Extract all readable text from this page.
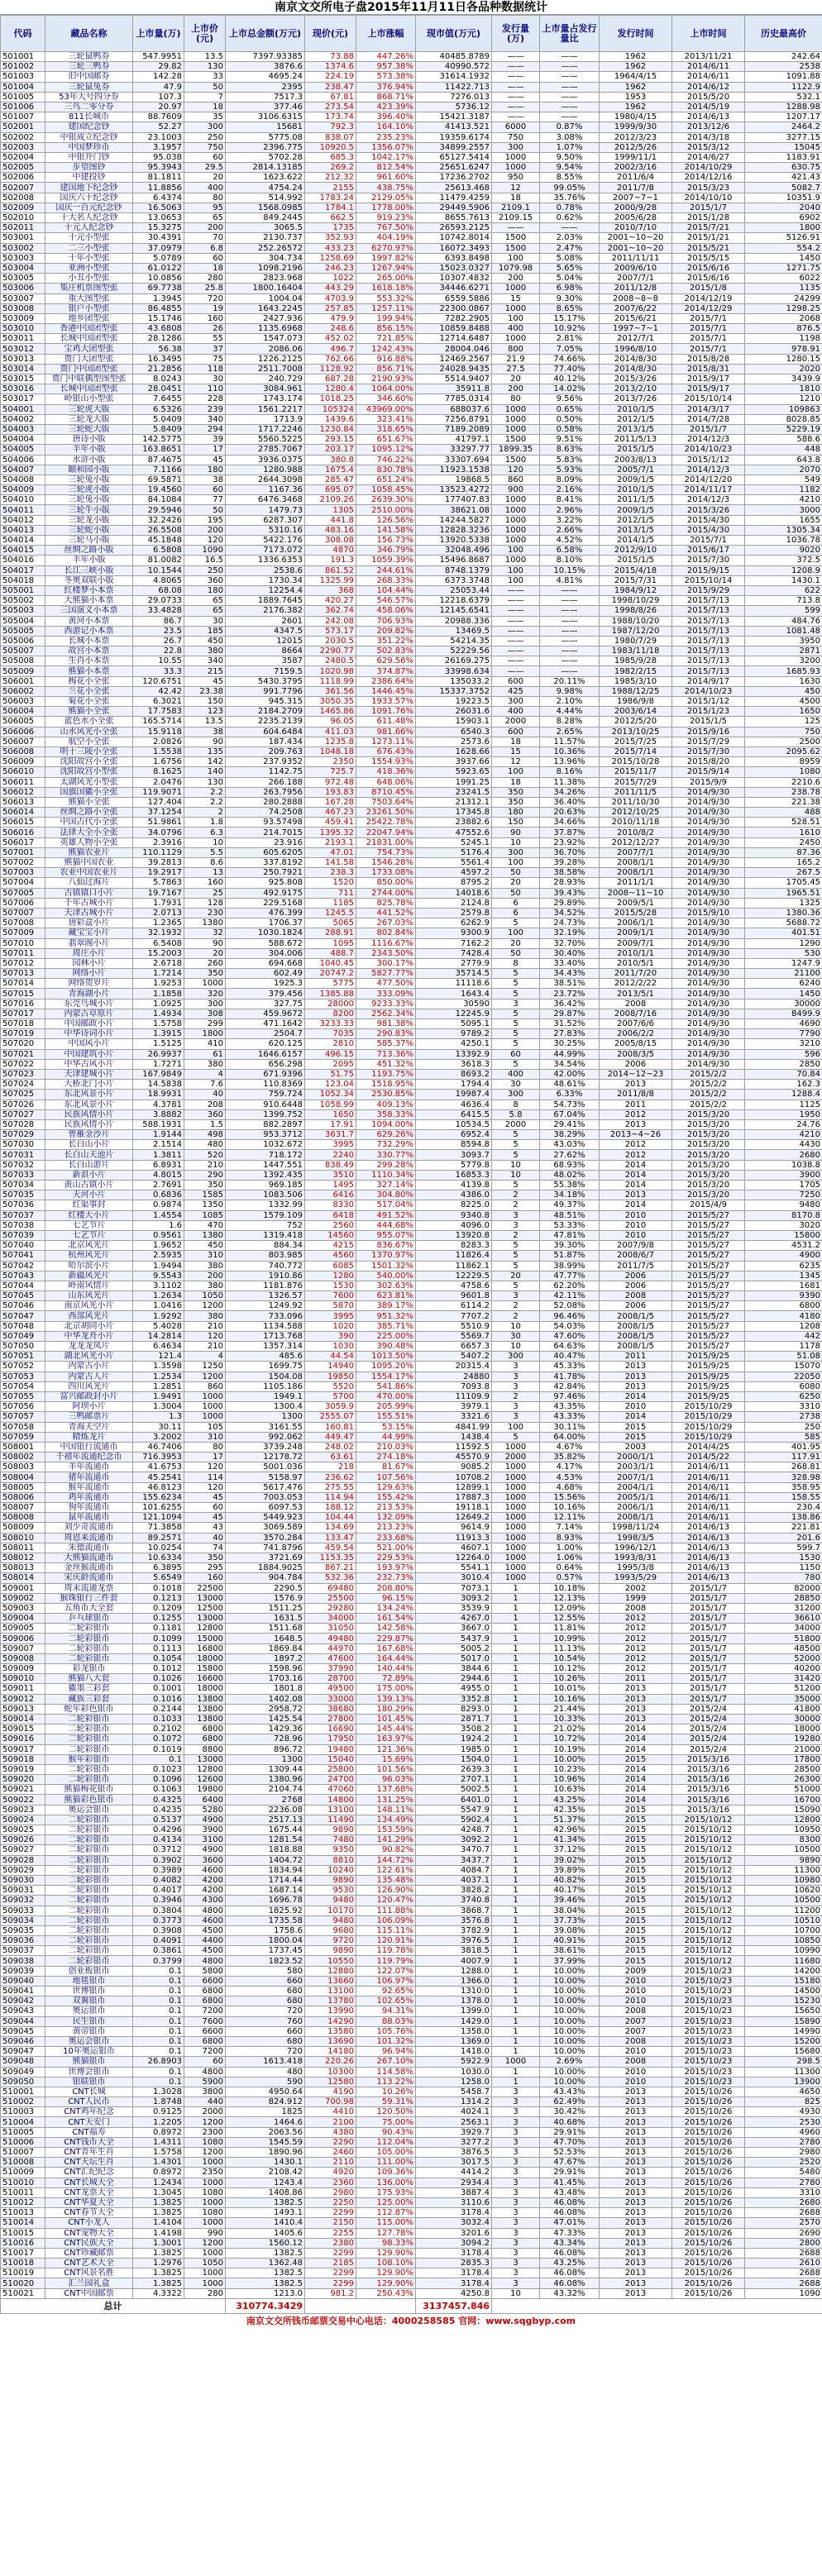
南京文交所电子盘2015年11月11日各品种数据统计
代码	藏品名称	上市量(万)	上市价(元)	上市总金额(万元)	现价(元)	上市涨幅	现市值(万元)	发行量(万)	上市量占发行量比	发行时间	上市时间	历史最高价
501001	三轮鼠鸭券	547.9951	13.5	7397.93385	73.88	447.26%	40485.8789	——	——	1962	2013/11/21	242.64
501002	三轮三鸭券	29.82	130	3876.6	1374.6	957.38%	40990.572	——	——	1962	2014/6/11	2538
501003	旧中国邮券	142.28	33	4695.24	224.19	573.38%	31614.1932	——	——	1964/4/15	2014/6/11	1091.88
501004	三轮鼠兔券	47.9	50	2395	238.47	376.94%	11422.713	——	——	1962	2014/6/12	1122.9
501005	53年大号四分券	107.3	7	7517.3	67.81	868.71%	7276.013	——	——	1953	2015/5/20	532.1
501006	三鸟二零分券	20.97	18	377.46	273.54	423.39%	5736.12	——	——	1962	2014/5/19	1288.98
501007	811长城币	88.7609	35	3106.6315	173.74	396.40%	15421.3187	——	——	1980/4/15	2014/6/13	1207.17
502001	建国纪念钞	52.27	300	15681	792.3	164.10%	41413.521	6000	0.87%	1999/9/30	2013/12/6	2464.2
502002	中银成立纪念钞	23.1003	250	5775.08	838.07	235.23%	19359.6174	750	3.08%	2012/3/23	2014/3/18	3277.15
502003	中国梦珍币	3.1957	750	2396.775	10920.5	1356.07%	34899.2557	300	1.07%	2012/5/26	2015/3/12	15045
502004	中银开门钞	95.038	60	5702.28	685.3	1042.17%	65127.5414	1000	9.50%	1999/11/1	2014/6/27	1183.91
502005	步望图钞	95.3943	29.5	2814.13185	269.2	812.54%	25651.6247	1000	9.54%	2002/3/16	2014/10/29	630.75
502006	中建投钞	81.1811	20	1623.622	212.32	961.60%	17236.2702	950	8.55%	2011/6/4	2014/12/16	421.43
502007	建国地下纪念钞	11.8856	400	4754.24	2155	438.75%	25613.468	12	99.05%	2011/7/8	2015/3/23	5082.7
502008	国庆六十纪念钞	6.4374	80	514.992	1783.24	2129.05%	11479.4259	18	35.76%	2007~7~1	2014/10/10	10351.9
502009	国庆一百元纪念钞	16.5063	95	1568.0985	1784.1	1778.00%	29449.5906	2109.1	0.78%	2000/9/28	2015/1/7	2040
502010	十大名人纪念钞	13.0653	65	849.2445	662.5	919.23%	8655.7613	2109.15	0.62%	2005/6/28	2015/1/28	6902
502011	十元人纪念钞	15.3275	200	3065.5	1735	767.50%	26593.2125	——	——	2010/7/10	2015/7/21	1800
503001	十元小型张	30.4391	70	2130.737	352.93	404.19%	10742.8014	1500	2.03%	2001~10~20	2015/1/21	5126.91
503002	二三小型张	37.0979	6.8	252.26572	433.23	6270.97%	16072.3493	1500	2.47%	2001~10~20	2015/5/21	554.2
503003	十年小型张	5.0789	60	304.734	1258.69	1997.82%	6393.8498	100	5.08%	2011/11/11	2015/5/15	1450
503004	亚洲小型张	61.0122	18	1098.2196	246.23	1267.94%	15023.0327	1079.98	5.65%	2009/6/10	2015/6/16	1271.75
503005	小丑小型张	10.0856	280	2823.968	1022	265.00%	10307.4832	200	5.04%	2007/7/1	2015/6/16	6022
503006	集庄机票图型张	69.7738	25.8	1800.16404	443.29	1618.18%	34446.6271	1000	6.98%	2011/12/8	2015/1/8	1135
503007	重大图型张	1.3945	720	1004.04	4703.9	553.32%	6559.5886	15	9.30%	2008~8~8	2014/12/19	24299
503008	银户小型张	86.4855	19	1643.2245	257.85	1257.11%	22300.0867	1000	8.65%	2007/6/22	2014/12/29	1298.25
503009	地乡团型张	15.1746	160	2427.936	479.9	199.94%	7282.2905	100	15.17%	2015/6/21	2015/7/1	2068
503010	香港中国团型张	43.6808	26	1135.6968	248.6	856.15%	10859.8488	400	10.92%	1997~7~1	2015/7/1	876.5
503011	长城中国团型张	28.1286	55	1547.073	452.02	721.85%	12714.6487	1000	2.81%	2012/7/1	2015/7/1	1198
503012	宝鸡大团型张	56.38	37	2086.06	496.7	1242.43%	28004.046	800	7.05%	1996/8/10	2015/7/1	978.91
503013	贾门大团型张	16.3495	75	1226.2125	762.66	916.88%	12469.2567	21.9	74.66%	2014/8/30	2015/8/28	1280.15
503014	贾门中国团型张	21.2856	118	2511.7008	1128.92	856.71%	24028.9435	27.5	77.40%	2014/8/30	2015/8/31	2020
503015	贾门中联偶型图型张	8.0243	30	240.729	687.28	2190.93%	5514.9407	20	40.12%	2015/3/26	2015/9/17	3439.9
503016	长城中国团型张	28.0451	110	3084.961	1280.4	1064.00%	35911.8	200	14.02%	2013/2/10	2015/9/17	1810
503017	岭银山小型张	7.6455	228	1743.174	1018.25	346.60%	7785.0314	80	9.56%	2013/7/26	2015/10/14	1210
504001	三轮虎大版	6.5326	239	1561.2217	105324	43969.00%	688037.6	1000	0.65%	2010/1/5	2014/3/17	109863
504002	三轮龙大版	5.0409	340	1713.9	1439.6	323.41%	7256.8791	1000	0.50%	2012/1/5	2014/7/28	8028.85
504003	三轮蛇大版	5.8409	294	1717.2246	1230.84	318.65%	7189.2089	1000	0.58%	2013/1/5	2015/1/7	5229.19
504004	唐诗小版	142.5775	39	5560.5225	293.15	651.67%	41797.1	1500	9.51%	2011/5/13	2014/12/3	588.6
504005	羊年小版	163.8651	17	2785.7067	203.17	1095.12%	33297.77	1899.35	8.63%	2015/1/5	2014/10/23	448
504006	水浒小版	87.4675	45	3936.0375	380.8	746.22%	33307.694	1500	5.83%	2003/8/13	2015/1/12	643.8
504007	颐和园小版	7.1166	180	1280.988	1675.4	830.78%	11923.1538	120	5.93%	2005/7/1	2014/12/3	2070
504008	三轮兔小版	69.5871	38	2644.3098	285.47	651.24%	19868.5	860	8.09%	2009/1/5	2014/12/20	549
504009	三轮虎小版	19.4560	60	1167.36	695.07	1058.45%	13523.4272	900	2.16%	2010/1/5	2014/11/17	1182
504010	三轮兔小版	84.1084	77	6476.3468	2109.26	2639.30%	177407.83	1000	8.41%	2011/1/5	2014/12/3	4210
504011	三轮牛小版	29.5946	50	1479.73	1305	2510.00%	38621.08	1000	2.96%	2009/1/5	2015/3/26	3000
504012	三轮龙小版	32.2426	195	6287.307	441.8	126.56%	14244.5827	1000	3.22%	2012/1/5	2015/4/30	1655
504013	三轮蛇小版	26.5508	200	5310.16	483.16	141.58%	12828.3236	1000	2.66%	2013/1/5	2015/4/30	1305.34
504014	三轮马小版	45.1848	120	5422.176	308.08	156.73%	13920.5338	1000	4.52%	2014/1/5	2015/7/1	1036.78
504015	丝绸之路小版	6.5808	1090	7173.072	4870	346.79%	32048.496	100	6.58%	2012/9/10	2015/6/17	9020
504016	羊年小版	81.0082	16.5	1336.6353	191.3	1059.39%	15496.8687	1000	8.10%	2015/1/5	2015/7/30	372.5
504017	长江三峡小版	10.1544	250	2538.6	861.52	244.61%	8748.1379	100	10.15%	2015/4/18	2015/9/15	1208.9
504018	冬奥双联小版	4.8065	360	1730.34	1325.99	268.33%	6373.3748	100	4.81%	2015/7/31	2015/10/14	1430.1
505001	红楼梦小本票	68.08	180	12254.4	368	104.44%	25053.44	——	——	1984/9/12	2015/9/29	622
505002	大熊猫小本票	29.0733	65	1889.7645	420.27	546.57%	12218.6379	——	——	1998/10/29	2015/7/13	713.8
505003	三国演义小本票	33.4828	65	2176.382	362.74	458.06%	12145.6541	——	——	1998/8/26	2015/7/13	599
505004	黄河小本票	86.7	30	2601	242.08	706.93%	20988.336	——	——	1988/10/20	2015/7/13	484.76
505005	西游记小本票	23.5	185	4347.5	573.17	209.82%	13469.5	——	——	1987/12/20	2015/7/13	1081.48
505006	长城小本票	26.7	450	12015	2030.5	351.22%	54214.35	——	——	1980/7/29	2015/7/13	3950
505007	故宫小本票	22.8	380	8664	2290.77	502.83%	52229.56	——	——	1983/11/18	2015/7/13	2871
505008	生肖小本票	10.55	340	3587	2480.5	629.56%	26169.275	——	——	1985/9/28	2015/7/13	3200
505009	熊猫小本票	33.3	215	7159.5	1020.98	374.87%	33998.634	——	——	1982/2/15	2015/7/13	1685.93
506001	梅花小全张	120.6751	45	5430.3795	1118.99	2386.64%	135033.2	600	20.11%	1985/3/10	2014/9/17	1630
506002	兰花小全张	42.42	23.38	991.7796	361.56	1446.45%	15337.3752	425	9.98%	1988/12/25	2014/10/23	450
506003	菊花小全张	6.3021	150	945.315	3050.35	1933.57%	19223.5	300	2.10%	1986/9/8	2015/1/12	4500
506004	熊猫小全张	17.7583	123	2184.2709	1465.86	1091.76%	26031.6	400	4.44%	2003/6/14	2015/1/23	1650
506005	蓝色水小全张	165.5714	13.5	2235.2139	96.05	611.48%	15903.1	2000	8.28%	2012/5/20	2015/1/5	125
506006	山水风光小全张	15.9118	38	604.6484	411.03	981.66%	6540.3	600	2.65%	2013/10/25	2015/9/16	750
506007	航空小全张	2.0826	90	187.434	1235.8	1273.11%	2573.6	18	11.57%	2015/7/25	2015/7/29	2500
506008	明十三陵小全张	1.5538	135	209.763	1048.18	676.43%	1628.66	15	10.36%	2015/7/14	2015/7/30	2095.62
506009	沈阳故宫小全张	1.6756	142	237.9352	2350	1554.93%	3937.66	12	13.96%	2015/10/28	2015/8/20	8959
506010	沈阳故宫小型张	8.1625	140	1142.75	725.7	418.36%	5923.65	100	8.16%	2015/11/7	2015/9/14	1080
506011	太湖风光小型张	2.0476	130	266.188	972.48	648.06%	1991.25	18	11.38%	2015/7/29	2015/9/9	2210.6
506012	国旗国徽小全张	119.9071	2.2	263.7956	193.83	8710.45%	23241.5	350	34.26%	2011/11/5	2014/9/30	238.78
506013	熊猫小全张	127.404	2.2	280.2888	167.28	7503.64%	21312.1	350	36.40%	2011/10/30	2014/9/30	221.38
506014	丝绸之路小全张	37.1254	2	74.2508	467.23	23261.50%	17345.8	180	20.63%	2012/10/25	2014/9/30	488
506015	中国古代小全张	51.9861	1.8	93.57498	459.41	25422.78%	23882.6	150	34.66%	2010/11/18	2014/9/30	528.51
506016	法律大全小全张	34.0796	6.3	214.7015	1395.32	22047.94%	47552.6	90	37.87%	2010/8/2	2014/9/30	1610
506017	英雄人物小全张	2.3916	10	23.916	2193.1	21831.00%	5245.1	10	23.92%	2012/12/27	2014/9/30	2450
507001	熊猫农业片	110.1129	5.5	605.6205	47.01	754.73%	5176.4	300	36.70%	2007/7/1	2014/9/30	87.36
507002	熊猫中国农业	39.2813	8.6	337.8192	141.58	1546.28%	5561.4	100	39.28%	2008/1/1	2014/9/30	165.2
507003	农业中国农业片	19.2917	13	250.7921	238.3	1733.08%	4597.2	50	38.58%	2008/1/1	2014/9/30	267.5
507004	八仙过海片	5.7863	160	925.808	1520	850.00%	8795.2	20	28.93%	2011/1/1	2014/9/30	1705.45
507005	古镇镇口小片	19.7167	25	492.9175	711	2744.00%	14018.6	50	39.43%	2008~11~10	2014/9/30	1965.51
507006	千年古城小片	1.7931	128	229.5168	1185	825.78%	2124.8	6	29.89%	2009/5/1	2014/9/30	1325
507007	天津古城小片	2.0713	230	476.399	1245.5	441.52%	2579.8	6	34.52%	2015/5/28	2015/9/10	1380.36
507008	唐彩盒小片	1.2365	1380	1706.37	5065	267.03%	6262.9	5	24.73%	2006/1/1	2014/9/30	5688.72
507009	藏宝宝小片	32.1932	32	1030.1824	288.91	802.84%	9300.9	100	32.19%	2009/1/1	2014/9/30	401.51
507010	翡翠阁小片	6.5408	90	588.672	1095	1116.67%	7162.2	20	32.70%	2009/7/1	2014/9/30	1290
507011	周庄小片	15.2003	20	304.006	488.7	2343.50%	7428.4	50	30.40%	2010/1/1	2014/9/30	530
507012	园林小片	2.6718	260	694.668	1040.45	300.17%	2779.9	8	33.40%	2010/5/1	2014/9/30	1247.9
507013	网络小片	1.7214	350	602.49	20747.2	5827.77%	35714.5	5	34.43%	2011/7/20	2014/9/30	21100
507014	网络贺岁片	1.9253	1000	1925.3	5775	477.50%	11118.6	5	38.51%	2012/2/22	2014/9/30	6240
507015	青海湖小片	1.1858	320	379.456	1385.88	333.09%	1643.4	5	23.72%	2013/5/1	2014/9/30	1450
507016	东莞鸟城小片	1.0925	300	327.75	28000	9233.33%	30590	3	36.42%	2008	2014/9/30	30000
507017	内蒙古草原片	1.4934	308	459.9672	8200	2562.34%	12245.9	5	29.87%	2008/7/16	2014/9/30	8499.9
507018	中国邮政小片	1.5758	299	471.1642	3233.33	981.38%	5095.1	5	31.52%	2007/6/6	2014/9/30	4690
507019	中华诗词小片	1.3915	1800	2504.7	7035	290.83%	9789.2	5	27.83%	2006/2/2	2014/9/30	7790
507020	中国风小片	1.5125	410	620.125	2810	585.37%	4250.1	5	30.25%	2005/8/15	2014/9/30	3210
507021	中国建筑小片	26.9937	61	1646.6157	496.15	713.36%	13392.9	60	44.99%	2008/3/5	2014/9/30	596
507022	中华古风小片	1.7271	380	656.298	2095	451.32%	3618.3	5	34.54%	2006	2014/9/30	2850
507023	天津建城小片	167.9849	4	671.9396	51.75	1193.75%	8693.2	400	42.00%	2014~12~23	2015/2/2	70.84
507024	大桥北门小片	14.5838	7.6	110.8369	123.04	1518.95%	1794.4	30	48.61%	2013	2015/2/2	162.3
507025	东北风景小片	18.9931	40	759.724	1052.34	2530.85%	19987.4	300	6.33%	2011/8/8	2015/2/2	1288.4
507026	东北风景小片	4.3781	208	910.6448	1058.99	409.13%	4636.4	8	54.73%	2011	2015/2/2	1125
507027	民族风情小片	3.8882	360	1399.752	1650	358.33%	6415.5	5.8	67.04%	2012	2015/3/20	1950
507028	民族风情小片	588.1931	1.5	882.2897	17.91	1094.00%	10534.5	2000	29.41%	2013	2015/3/20	24.76
507029	曾雁金沙片	1.9144	498	953.3712	3631.7	629.26%	6952.4	5	38.29%	2013~4~26	2015/3/20	4210
507030	长白山小片	2.1514	480	1032.672	3995	732.29%	8594.8	5	43.03%	2012	2015/3/20	4430
507031	长白山天池片	1.3811	520	718.172	2240	330.77%	3093.7	5	27.62%	2012	2015/3/20	2680
507032	长白山游片	6.8931	210	1447.551	838.49	299.28%	5779.8	10	68.93%	2014	2015/3/20	1038.8
507033	新浪小片	4.8015	290	1392.435	3510	1110.34%	16853.3	10	48.02%	2014	2015/3/20	3900
507034	黄山古镇小片	2.7691	350	969.185	1495	327.14%	4139.8	5	55.38%	2014	2015/3/20	1705
507035	天河小片	0.6836	1585	1083.506	6416	304.80%	4386.0	2	34.18%	2013	2015/3/20	7250
507036	红渠事封	0.9874	1350	1332.99	8330	517.04%	8225.0	2	49.37%	2014	2015/4/9	9480
507037	红楼大小片	1.4554	1085	1579.109	6418	491.52%	9340.8	3	48.51%	2010	2015/5/27	8170.8
507038	七艺节片	1.6	470	752	2560	444.68%	4096.0	3	53.33%	2010	2015/5/27	3020
507039	七艺节片	0.9561	1380	1319.418	14560	955.07%	13920.8	2	47.81%	2010	2015/5/27	15800
507040	北京风光片	1.9652	450	884.34	4215	836.67%	8283.3	5	39.30%	2007/9/8	2015/5/27	4531.2
507041	杭州风光片	2.5935	310	803.985	4560	1370.97%	11826.4	5	51.87%	2008/6/7	2015/5/27	4900
507042	哈尔滨小片	1.9494	380	740.772	6085	1501.32%	11862.1	5	38.99%	2011/7/5	2015/5/27	6235
507043	新疆风光片	9.5543	200	1910.86	1280	540.00%	12229.5	20	47.77%	2006	2015/5/27	1345
507044	岭南风情片	3.1102	380	1181.876	1530	302.63%	4758.6	5	62.20%	2006	2015/5/27	1681
507045	山东风光片	1.2634	1050	1326.57	7600	623.81%	9601.8	3	42.11%	2008	2015/5/27	9390
507046	南京风光小片	1.0416	1200	1249.92	5870	389.17%	6114.2	2	52.08%	2006	2015/5/27	6800
507047	西部风光片	1.9292	380	733.096	3995	951.32%	7707.2	2	96.46%	2008/1/5	2015/5/27	4180
507048	北京胡同小片	5.4028	210	1134.588	1020	385.71%	5510.9	10	54.03%	2008/1/5	2015/5/27	1208
507049	中华龙舟小片	14.2814	120	1713.768	390	225.00%	5569.7	30	47.60%	2008/1/5	2015/5/27	442
507050	龙龙龙凤片	6.4634	210	1357.314	1030	390.48%	6657.3	10	64.63%	2008/1/5	2015/5/27	1178
507051	湖北风光小片	121.4	4	485.6	44.54	1013.50%	5407.2	300	40.47%	2011	2015/9/25	51.08
507052	内蒙古小片	1.3598	1250	1699.75	14940	1095.20%	20315.4	3	45.33%	2013	2015/9/25	15070
507053	内蒙古人片	1.2534	1200	1504.08	19850	1554.17%	24880	3	41.78%	2013	2015/9/25	22050
507054	四川风光片	1.2851	860	1105.186	5520	541.86%	7093.8	3	42.84%	2013	2015/9/25	6080
507055	富兴邮政封小片	1.9491	1000	1949.1	5700	470.00%	11109.9	2	97.46%	2014	2015/9/25	6250
507056	阿坝小片	1.3004	1000	1300.4	3059.9	205.99%	3979.1	3	43.35%	2010	2015/10/29	3310
507057	三鸭邮票片	1.3	1000	1300	2555.07	155.51%	3321.6	3	43.33%	2014	2015/10/29	2738
507058	青海天空片	30.11	105	3161.55	160.81	53.15%	4841.99	100	30.11%	2015	2015/10/29	250
507059	精炼龙片	3.2002	310	992.062	449.47	44.99%	1438.4	5	64.00%	2015	2015/10/29	585
508001	中国银行流通币	46.7406	80	3739.248	248.02	210.03%	11592.5	1000	4.67%	2003	2014/4/25	401.95
508002	千禧年流通纪念币	716.3953	17	12178.72	63.61	274.18%	45570.9	2000	35.82%	2000/1/1	2014/5/22	117.91
508003	羊年流通币	41.6753	120	5001.036	218	81.67%	9085.2	1000	4.17%	2003/1/1	2014/6/11	268.81
508004	猪年流通币	45.2541	114	5158.97	236.62	107.56%	10708.2	1000	4.53%	2007/1/1	2014/6/11	328.98
508005	猴年流通币	46.8123	120	5617.476	275.55	129.63%	12899.1	1000	4.68%	2004/1/1	2014/6/11	358.95
508006	鸡年流通币	155.6234	45	7003.053	114.94	155.42%	17887.3	1000	15.56%	2005/1/1	2014/6/11	158.55
508007	狗年流通币	101.6255	60	6097.53	188.12	213.53%	19118.1	1000	10.16%	2006/1/1	2014/6/11	230.4
508008	鼠年流通币	121.1094	45	5449.923	104.44	132.09%	12649.2	1000	12.11%	2008/1/1	2014/6/11	138.86
508009	刘少奇流通币	71.3858	43	3069.589	134.69	213.23%	9614.9	1000	7.14%	1998/11/24	2014/6/13	221.81
508010	周恩来流通币	89.2571	40	3570.284	133.47	233.68%	11913.3	1000	8.93%	1998/3/5	2014/6/13	201.6
508011	朱德流通币	10.0254	74	741.8796	459.54	521.00%	4607.1	1000	1.00%	1996/12/1	2014/6/13	599.7
508012	大熊猫流通币	10.6334	350	3721.69	1153.35	229.53%	12264.0	1000	1.06%	1993/8/31	2014/6/13	1530
508013	金丝猴流通币	6.3895	295	1884.9025	867.21	193.97%	5541.1	1000	0.64%	1995/3/8	2014/6/13	1150
508014	宋庆龄流通币	5.6549	160	904.784	532.36	232.73%	3010.4	1000	0.57%	1993/5/29	2014/6/13	780
509001	周末流通龙票	0.1018	22500	2290.5	69480	208.80%	7073.1	1	10.18%	2002	2015/1/7	82000
509002	猴珠银行三件套	0.1213	13000	1576.9	25500	96.15%	3093.2	1	12.13%	1999	2015/1/7	28850
509003	五角币大全套	0.1209	12500	1511.25	29280	134.24%	3539.9	1	12.09%	2008	2015/1/7	31200
509004	乒乓球银币	0.1255	13000	1631.5	34000	161.54%	4267.0	1	12.55%	2012	2015/1/7	36610
509005	二轮彩银币	0.1181	12800	1511.68	31050	142.58%	3667.0	1	11.81%	2012	2015/1/7	34000
509006	二轮彩银币	0.1099	15000	1648.5	49480	229.87%	5437.9	1	10.99%	2012	2015/1/7	51800
509007	二轮彩银币	0.1113	16800	1869.84	44970	167.68%	5005.2	1	11.13%	2012	2015/1/7	48500
509008	二轮彩银币	0.1054	18000	1897.2	47600	164.44%	5017.0	1	10.54%	2012	2015/1/7	52000
509009	彩龙银币	0.1012	15800	1598.96	37990	140.44%	3844.6	1	10.12%	2012	2015/1/7	40200
509010	熊猫八大套	0.1026	16600	1703.16	28700	72.89%	2944.6	1	10.26%	2011	2015/1/7	31420
509011	徽墨三彩套	0.1001	18000	1801.8	49500	175.00%	4955.0	1	10.01%	2013	2015/1/7	51200
509012	藏族三彩套	0.1016	13800	1402.08	33000	139.13%	3352.8	1	10.16%	2013	2015/1/7	35000
509013	蛇年彩色银币	0.2144	13800	2958.72	38680	180.29%	8293.0	1	21.44%	2013	2015/2/4	41800
509014	二轮彩银币	0.1033	13800	1425.54	27800	101.45%	2871.7	1	10.33%	2013	2015/2/4	30000
509015	二轮彩银币	0.2102	6800	1429.36	16690	145.44%	3508.2	1	21.02%	2014	2015/2/4	18000
509016	二轮彩银币	0.1072	6800	728.96	17950	163.97%	1924.2	1	10.72%	2014	2015/2/4	19280
509017	二轮彩银币	0.1019	8800	896.72	19480	121.36%	1985.0	1	10.19%	2014	2015/2/4	21000
509018	猴年彩银币	0.1	13000	1300	15040	15.69%	1504.0	1	10.00%	2015	2015/3/16	17800
509019	二轮彩银币	0.1023	12800	1309.44	25800	101.56%	2639.3	1	10.23%	2014	2015/3/16	28500
509020	二轮彩银币	0.1096	12600	1380.96	24700	96.03%	2707.1	1	10.96%	2014	2015/3/16	26300
509021	熊猫梅花银币	0.1063	19800	2104.74	47060	137.68%	5002.5	1	10.63%	2014	2015/3/16	51000
509022	熊猫彩色银币	0.4325	6400	2768	14800	131.25%	6401.0	1	43.25%	2014	2015/3/16	16700
509023	奥运会银币	0.4235	5280	2236.08	13100	148.11%	5547.9	1	42.35%	2015	2015/3/16	15090
509024	二轮彩银币	0.5137	4900	2517.13	11490	134.49%	5902.4	1	51.37%	2015	2015/10/12	12800
509025	二轮彩银币	0.4296	3900	1675.44	9890	153.59%	4248.7	1	42.96%	2015	2015/10/12	10950
509026	二轮彩银币	0.4134	3100	1281.54	7480	141.29%	3092.2	1	41.34%	2015	2015/10/12	8300
509027	二轮彩银币	0.3712	4900	1818.88	9350	90.82%	3470.7	1	37.12%	2015	2015/10/12	10500
509028	二轮彩银币	0.3902	3600	1404.72	8810	144.72%	3437.7	1	39.02%	2015	2015/10/12	9890
509029	二轮彩银币	0.3989	4600	1834.94	10240	122.61%	4084.7	1	39.89%	2015	2015/10/12	11300
509030	二轮彩银币	0.4082	4200	1714.44	9890	135.48%	4037.1	1	40.82%	2015	2015/10/12	10980
509031	二轮彩银币	0.4017	4200	1687.14	9530	126.90%	3828.2	1	40.17%	2015	2015/10/12	10620
509032	二轮彩银币	0.3946	4300	1696.78	9480	120.47%	3740.8	1	39.46%	2015	2015/10/12	10500
509033	二轮彩银币	0.3804	4800	1825.92	10170	111.88%	3868.7	1	38.04%	2015	2015/10/12	11200
509034	二轮彩银币	0.3773	4600	1735.58	9480	106.09%	3576.8	1	37.73%	2015	2015/10/12	10510
509035	二轮彩银币	0.3908	4500	1758.6	9680	115.11%	3782.9	1	39.08%	2015	2015/10/12	10700
509036	二轮彩银币	0.4091	4400	1800.04	9720	120.91%	3976.5	1	40.91%	2015	2015/10/12	10850
509037	二轮彩银币	0.3861	4500	1737.45	9890	119.78%	3818.5	1	38.61%	2015	2015/10/12	10990
509038	二轮彩银币	0.3799	4800	1823.52	10550	119.79%	4007.9	1	37.99%	2015	2015/10/12	11680
509039	创业板银币	0.1	5800	580	12880	122.07%	1288.0	1	10.00%	2009	2015/10/23	14200
509040	地毯银币	0.1	6600	660	13660	106.97%	1366.0	1	10.00%	2010	2015/10/23	15180
509041	世博银币	0.1	6800	680	13100	92.65%	1310.0	1	10.00%	2010	2015/10/23	14500
509042	双翼银币	0.1	6800	680	13780	102.65%	1378.0	1	10.00%	2010	2015/10/23	15230
509043	奥运银币	0.1	7200	720	13990	94.31%	1399.0	1	10.00%	2008	2015/10/23	15650
509044	民生银币	0.1	7600	760	14290	88.03%	1429.0	1	10.00%	2007	2015/10/23	15890
509045	黄帝银币	0.1	6600	660	13580	105.76%	1358.0	1	10.00%	2007	2015/10/23	14990
509046	奥运会银币	0.1	6800	680	13690	101.32%	1369.0	1	10.00%	2008	2015/10/23	15200
509047	10年奥运银币	0.1	7200	720	14180	96.94%	1418.0	1	10.00%	2010	2015/10/23	15680
509048	熊猫银币	26.8903	60	1613.418	220.26	267.10%	5922.9	1000	2.69%	2008	2015/10/23	298.5
509049	世博会银币	0.1	4800	480	10300	114.58%	1030.0	1	10.00%	2010	2015/10/23	11300
509050	银联银币	0.1	5900	590	12580	113.22%	1258.0	1	10.00%	2010	2015/10/23	13900
510001	CNT长城	1.3028	3800	4950.64	4190	10.26%	5458.7	3	43.43%	2013	2015/10/26	4650
510002	CNT人民币	1.8748	440	824.912	700.98	59.31%	1314.2	3	62.49%	2013	2015/10/26	825
510003	CNT鸡年纪念	0.9125	2000	1825	4410	120.50%	4024.1	3	30.42%	2013	2015/10/26	4930
510004	CNT天安门	1.2205	1200	1464.6	2100	75.00%	2563.1	3	40.68%	2013	2015/10/26	2530
510005	CNT福寿	0.8972	2300	2063.56	4380	90.43%	3929.7	3	29.91%	2013	2015/10/26	4960
510006	CNT钱币大全	1.4311	1080	1545.59	2290	112.04%	3277.2	3	47.70%	2013	2015/10/26	2780
510007	CNT青年生肖	1.5758	1200	1890.96	2460	105.00%	3876.5	3	52.53%	2013	2015/10/26	2980
510008	CNT天坛生肖	1.4301	1000	1430.1	2110	111.00%	3017.5	3	47.67%	2013	2015/10/26	2520
510009	CNT汇纪纪念	0.8972	2350	2108.42	4920	109.36%	4414.2	3	29.91%	2013	2015/10/26	5480
510010	CNT长城大全	1.2434	1000	1243.4	2360	136.00%	2934.4	3	41.45%	2013	2015/10/26	2780
510011	CNT龙票大全	1.3045	1080	1408.86	2980	175.93%	3887.4	3	43.48%	2013	2015/10/26	3310
510012	CNT华夏大全	1.3825	1000	1382.5	2250	125.00%	3110.6	3	46.08%	2013	2015/10/26	2680
510013	CNT春节大全	1.3825	1080	1493.1	2299	112.87%	3178.4	3	46.08%	2013	2015/10/26	2688
510014	CNT小龙人	1.4104	1000	1410.4	2150	115.00%	3032.4	3	47.01%	2013	2015/10/26	2570
510015	CNT宠物大全	1.4198	990	1405.6	2255	127.78%	3201.6	3	47.33%	2013	2015/10/26	2690
510016	CNT民族大全	1.3001	1200	1560.12	2380	98.33%	3094.2	3	43.34%	2013	2015/10/26	2800
510017	CNT珍藏邮票	1.3825	1000	1382.5	2299	129.90%	3178.4	3	46.08%	2013	2015/10/26	2688
510018	CNT艺术大全	1.2976	1050	1362.48	2185	108.10%	2835.3	3	43.25%	2013	2015/10/26	2610
510019	CNT风景名胜	1.3825	1000	1382.5	2299	129.90%	3178.4	3	46.08%	2013	2015/10/26	2688
510020	汇兰园礼盒	1.3825	1000	1382.5	2299	129.90%	3178.4	3	46.08%	2013	2015/10/26	2688
510021	CNT中国邮票	4.3322	280	1213.0	981.2	250.43%	4250.8	10	43.32%	2013	2015/10/26	1090
总计				310774.3429			3137457.846					
南京文交所钱币邮票交易中心电话：4000258585 官网：www.sqgbyp.com
